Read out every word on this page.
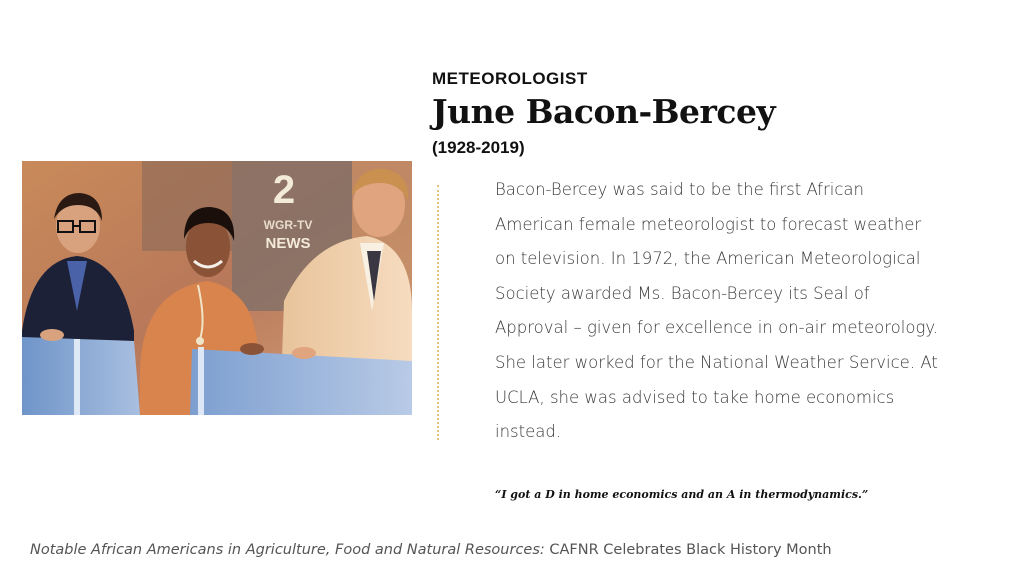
METEOROLOGIST
June Bacon-Bercey
(1928-2019)
2
WGR-TV
NEWS

Bacon-Bercey was said to be the first African American female meteorologist to forecast weather on television. In 1972, the American Meteorological Society awarded Ms. Bacon-Bercey its Seal of Approval – given for excellence in on-air meteorology. She later worked for the National Weather Service. At UCLA, she was advised to take home economics instead.

“I got a D in home economics and an A in thermodynamics.”
Notable African Americans in Agriculture, Food and Natural Resources: CAFNR Celebrates Black History Month
